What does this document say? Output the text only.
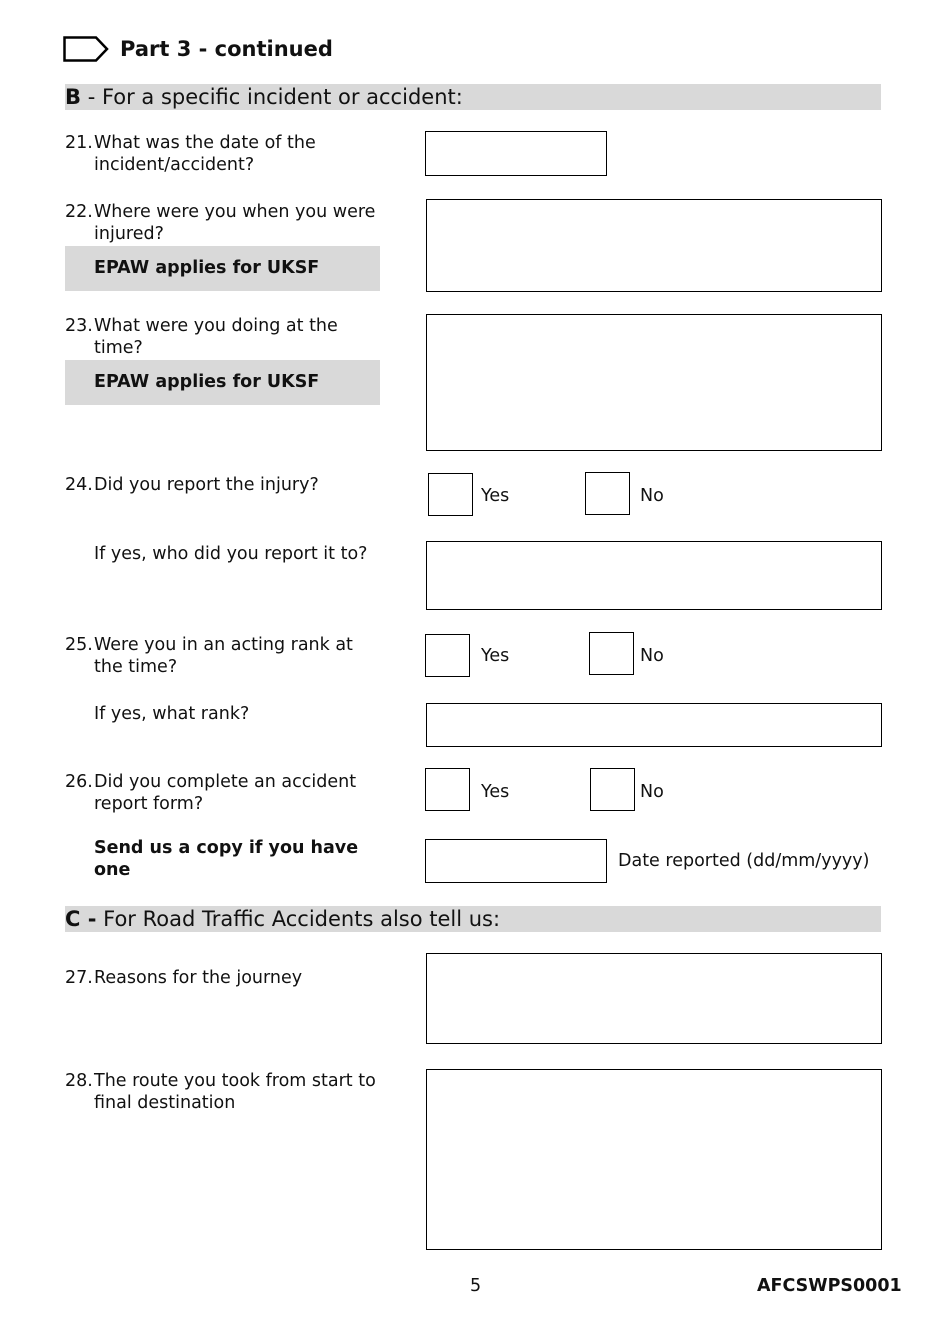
Part 3 - continued
B - For a specific incident or accident:
21.What was the date of the
incident/accident?
22.Where were you when you were
injured?
EPAW applies for UKSF
23.What were you doing at the
time?
EPAW applies for UKSF
24.Did you report the injury?
Yes	No
If yes, who did you report it to?
25.Were you in an acting rank at
the time?
Yes	No
If yes, what rank?
26.Did you complete an accident
report form?
Yes	No
Send us a copy if you have
one	Date reported (dd/mm/yyyy)
C - For Road Traffic Accidents also tell us:
27.Reasons for the journey
28.The route you took from start to
final destination
5	AFCSWPS0001
